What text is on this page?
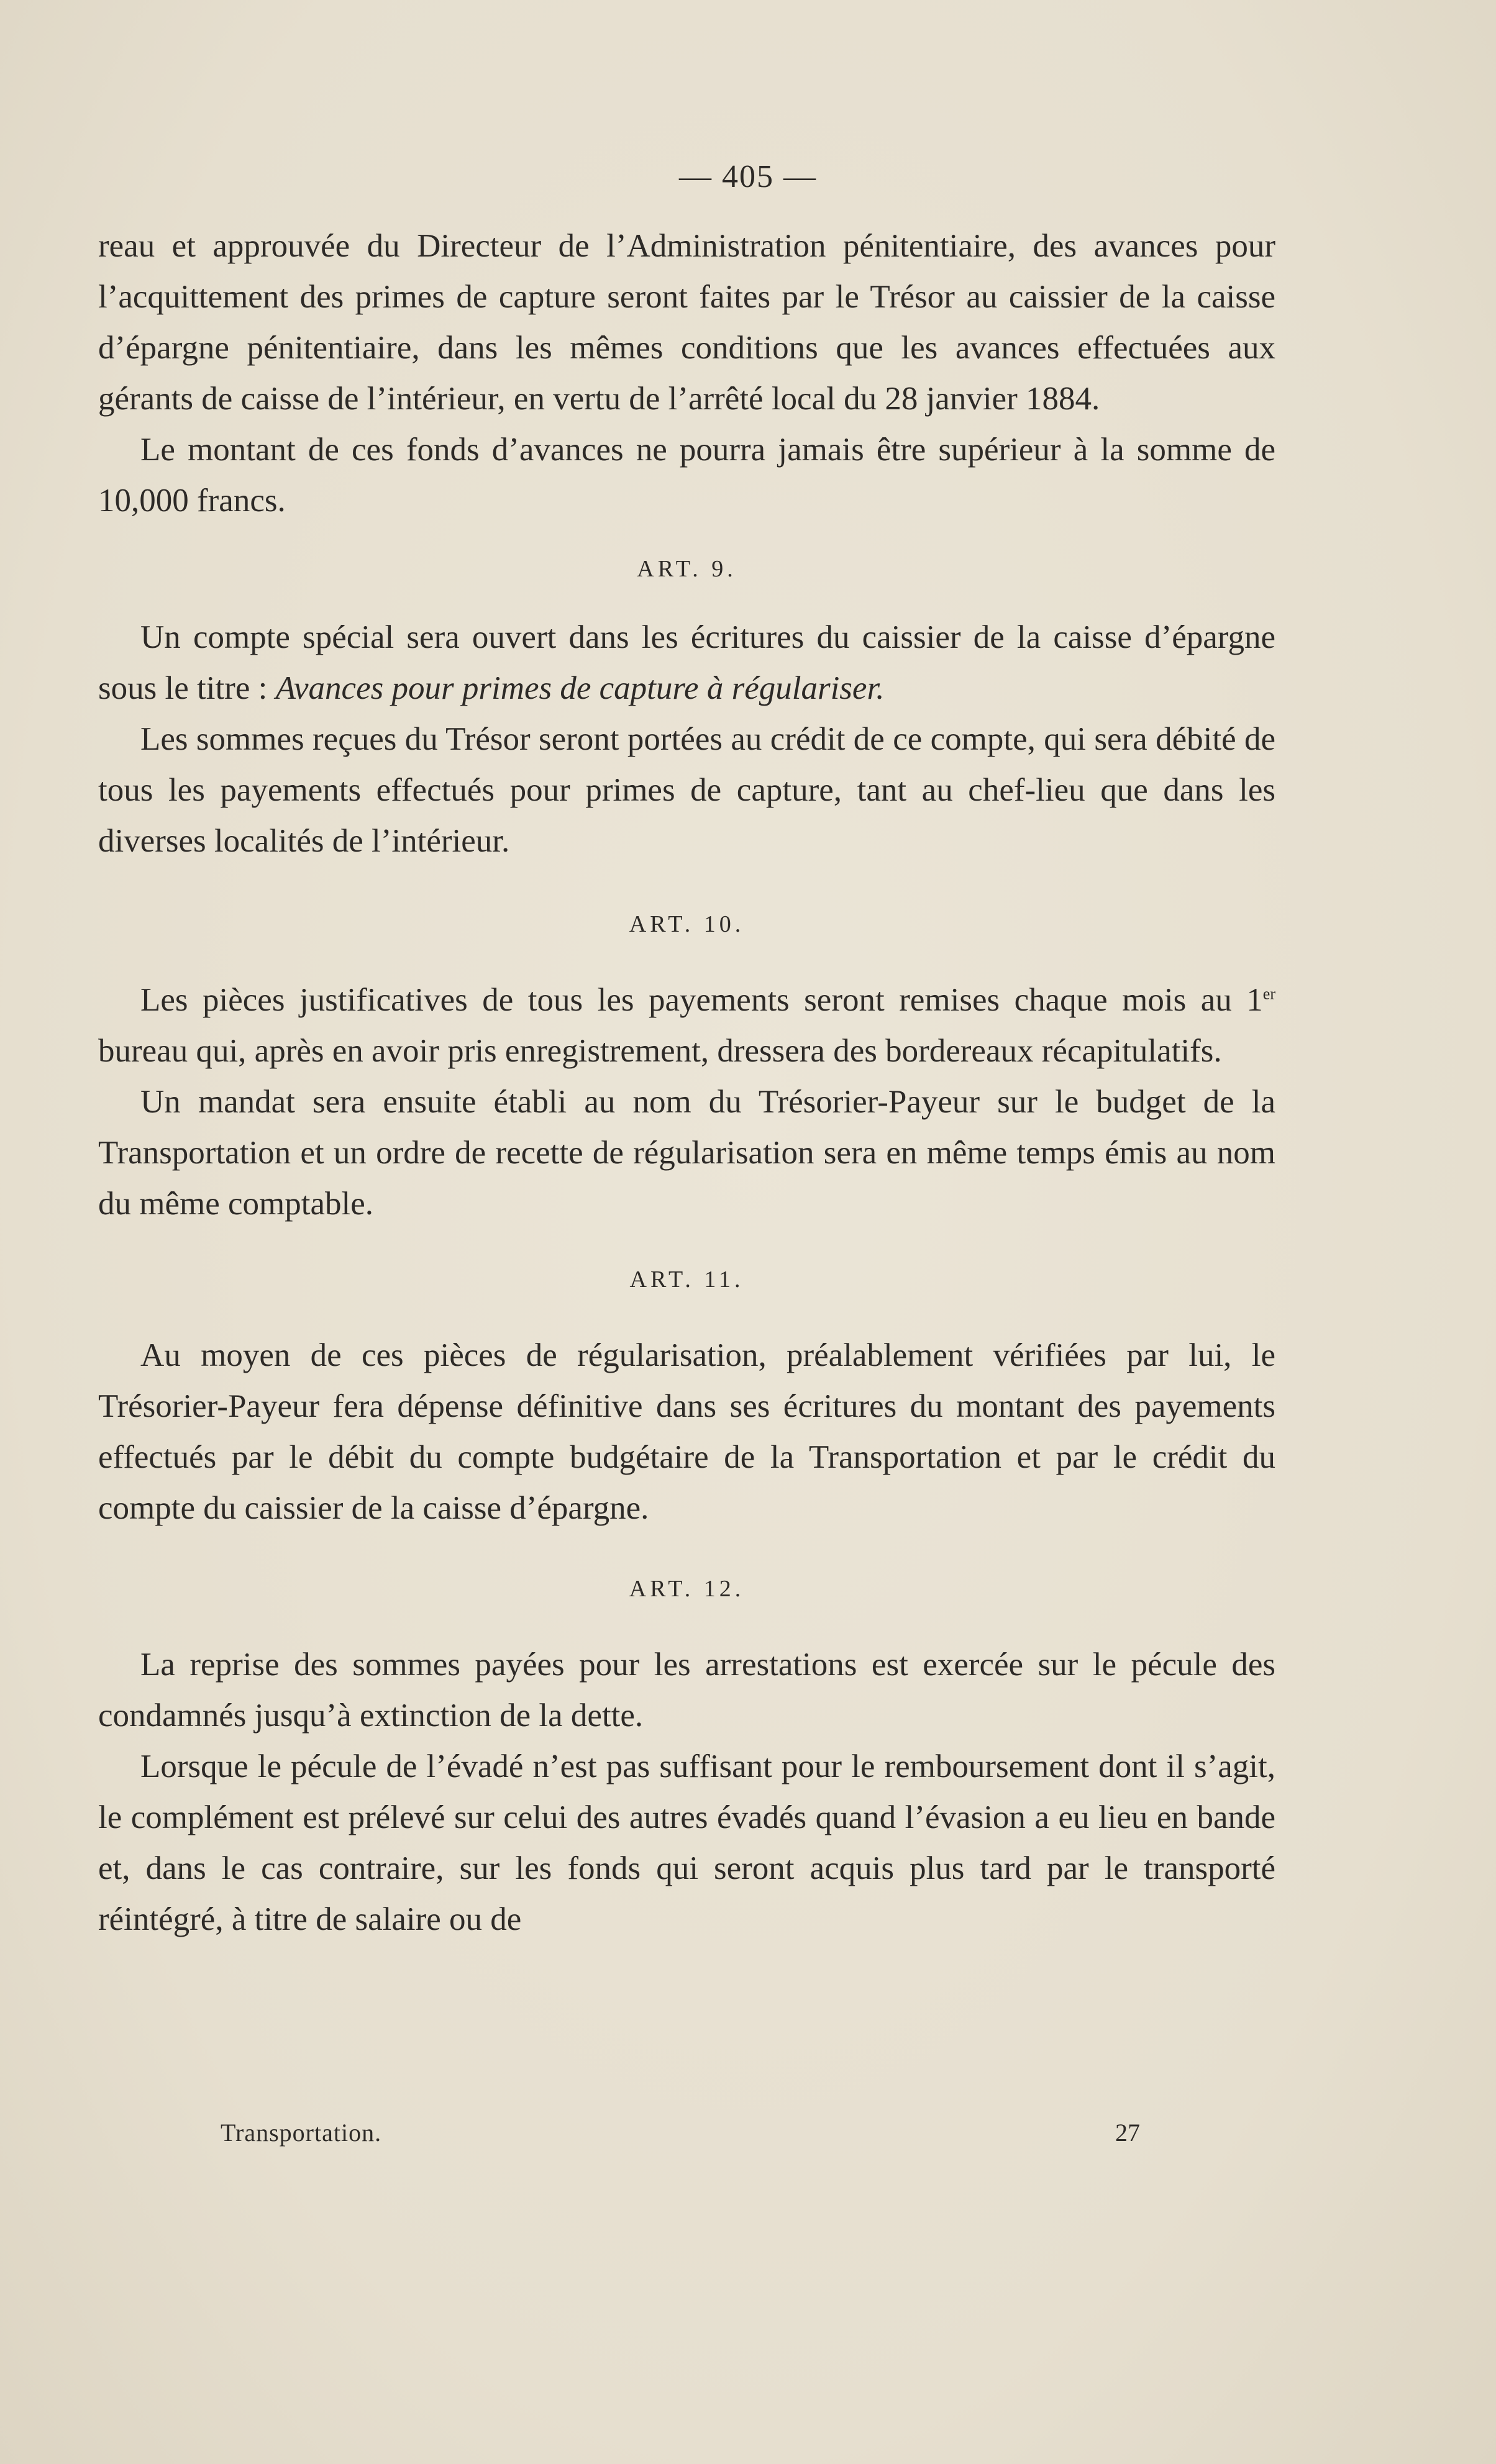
— 405 —

reau et approuvée du Directeur de l’Administration pénitentiaire, des avances pour l’acquittement des primes de capture seront faites par le Trésor au caissier de la caisse d’épargne pénitentiaire, dans les mêmes conditions que les avances effectuées aux gérants de caisse de l’intérieur, en vertu de l’arrêté local du 28 janvier 1884.

Le montant de ces fonds d’avances ne pourra jamais être supérieur à la somme de 10,000 francs.

ART. 9.

Un compte spécial sera ouvert dans les écritures du caissier de la caisse d’épargne sous le titre : Avances pour primes de capture à régulariser.

Les sommes reçues du Trésor seront portées au crédit de ce compte, qui sera débité de tous les payements effectués pour primes de capture, tant au chef-lieu que dans les diverses localités de l’intérieur.

ART. 10.

Les pièces justificatives de tous les payements seront remises chaque mois au 1er bureau qui, après en avoir pris enregistrement, dressera des bordereaux récapitulatifs.

Un mandat sera ensuite établi au nom du Trésorier-Payeur sur le budget de la Transportation et un ordre de recette de régularisation sera en même temps émis au nom du même comptable.

ART. 11.

Au moyen de ces pièces de régularisation, préalablement vérifiées par lui, le Trésorier-Payeur fera dépense définitive dans ses écritures du montant des payements effectués par le débit du compte budgétaire de la Transportation et par le crédit du compte du caissier de la caisse d’épargne.

ART. 12.

La reprise des sommes payées pour les arrestations est exercée sur le pécule des condamnés jusqu’à extinction de la dette.

Lorsque le pécule de l’évadé n’est pas suffisant pour le remboursement dont il s’agit, le complément est prélevé sur celui des autres évadés quand l’évasion a eu lieu en bande et, dans le cas contraire, sur les fonds qui seront acquis plus tard par le transporté réintégré, à titre de salaire ou de

Transportation.	27
